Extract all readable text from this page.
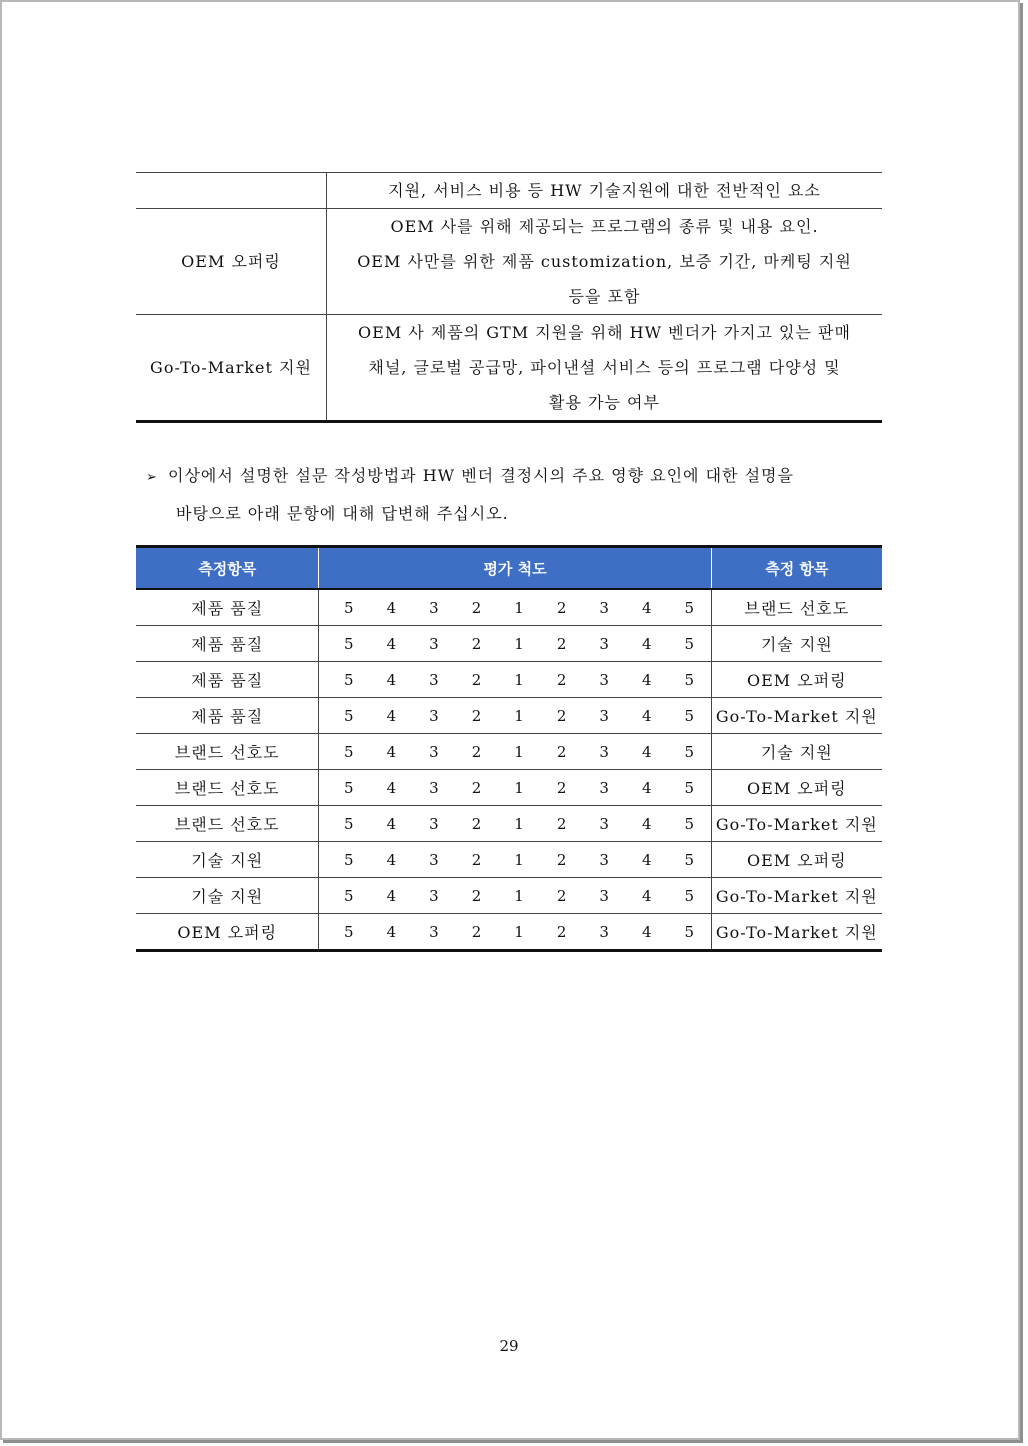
	지원, 서비스 비용 등 HW 기술지원에 대한 전반적인 요소

OEM 오퍼링	OEM 사를 위해 제공되는 프로그램의 종류 및 내용 요인.
OEM 사만를 위한 제품 customization, 보증 기간, 마케팅 지원
등을 포함

Go-To-Market 지원	OEM 사 제품의 GTM 지원을 위해 HW 벤더가 가지고 있는 판매
채널, 글로벌 공급망, 파이낸셜 서비스 등의 프로그램 다양성 및
활용 가능 여부
➢ 이상에서 설명한 설문 작성방법과 HW 벤더 결정시의 주요 영향 요인에 대한 설명을
바탕으로 아래 문항에 대해 답변해 주십시오.
측정항목	평가 척도									측정 항목
제품 품질	5	4	3	2	1	2	3	4	5	브랜드 선호도
제품 품질	5	4	3	2	1	2	3	4	5	기술 지원
제품 품질	5	4	3	2	1	2	3	4	5	OEM 오퍼링
제품 품질	5	4	3	2	1	2	3	4	5	Go-To-Market 지원
브랜드 선호도	5	4	3	2	1	2	3	4	5	기술 지원
브랜드 선호도	5	4	3	2	1	2	3	4	5	OEM 오퍼링
브랜드 선호도	5	4	3	2	1	2	3	4	5	Go-To-Market 지원
기술 지원	5	4	3	2	1	2	3	4	5	OEM 오퍼링
기술 지원	5	4	3	2	1	2	3	4	5	Go-To-Market 지원
OEM 오퍼링	5	4	3	2	1	2	3	4	5	Go-To-Market 지원
29
